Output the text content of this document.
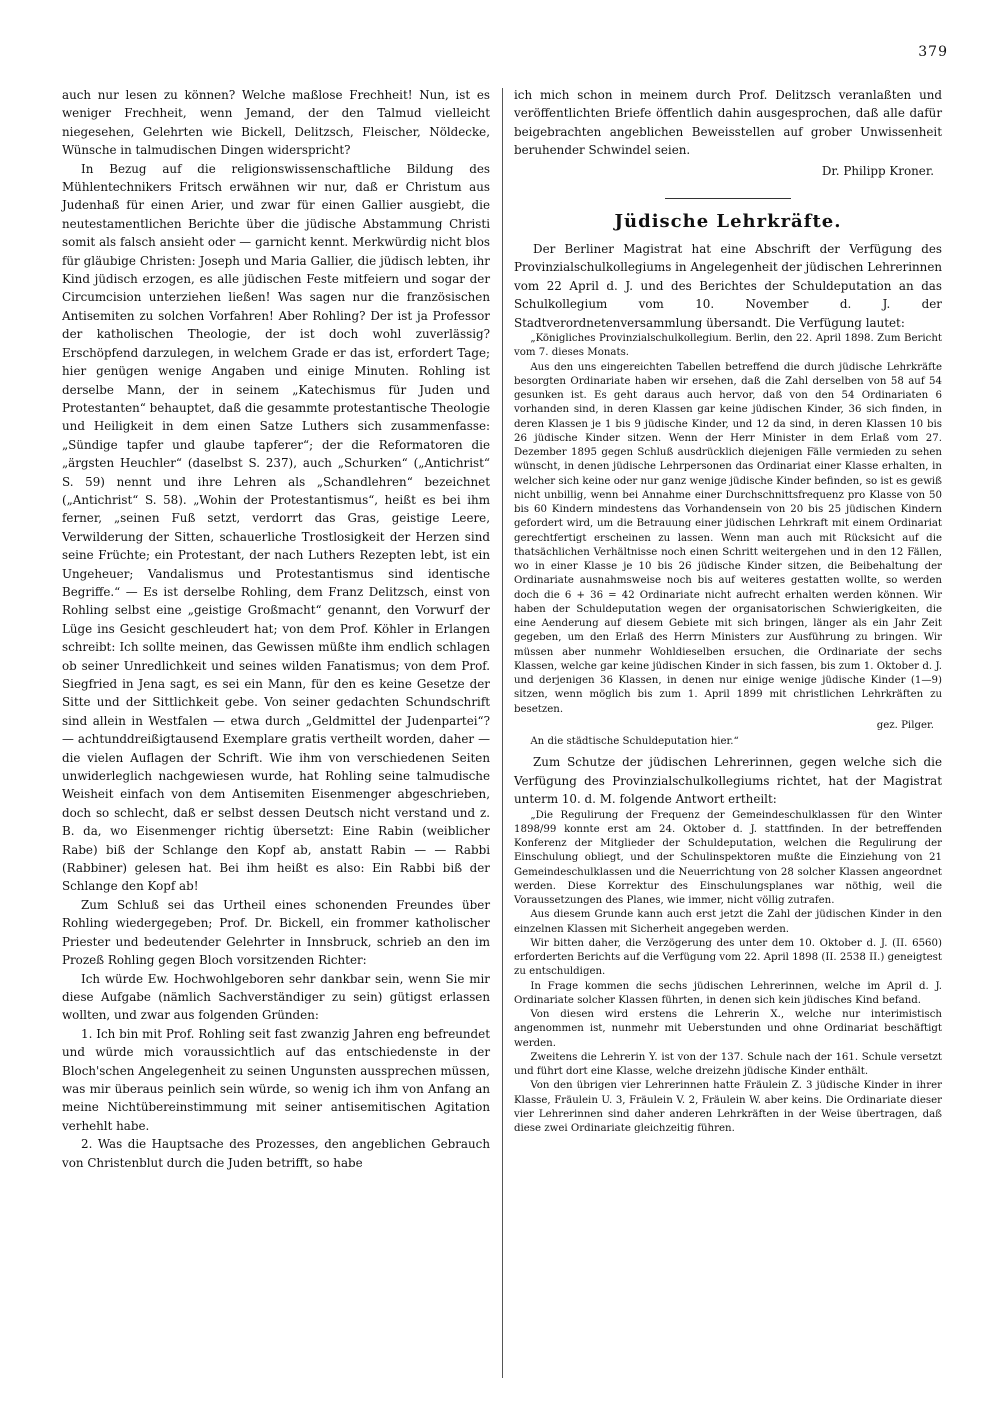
379

auch nur lesen zu können? Welche maßlose Frechheit! Nun, ist es weniger Frechheit, wenn Jemand, der den Talmud vielleicht niegesehen, Gelehrten wie Bickell, Delitzsch, Fleischer, Nöldecke, Wünsche in talmudischen Dingen widerspricht?

In Bezug auf die religionswissenschaftliche Bildung des Mühlentechnikers Fritsch erwähnen wir nur, daß er Christum aus Judenhaß für einen Arier, und zwar für einen Gallier ausgiebt, die neutestamentlichen Berichte über die jüdische Abstammung Christi somit als falsch ansieht oder — garnicht kennt. Merkwürdig nicht blos für gläubige Christen: Joseph und Maria Gallier, die jüdisch lebten, ihr Kind jüdisch erzogen, es alle jüdischen Feste mitfeiern und sogar der Circumcision unterziehen ließen! Was sagen nur die französischen Antisemiten zu solchen Vorfahren! Aber Rohling? Der ist ja Professor der katholischen Theologie, der ist doch wohl zuverlässig? Erschöpfend darzulegen, in welchem Grade er das ist, erfordert Tage; hier genügen wenige Angaben und einige Minuten. Rohling ist derselbe Mann, der in seinem „Katechismus für Juden und Protestanten“ behauptet, daß die gesammte protestantische Theologie und Heiligkeit in dem einen Satze Luthers sich zusammenfasse: „Sündige tapfer und glaube tapferer“; der die Reformatoren die „ärgsten Heuchler“ (daselbst S. 237), auch „Schurken“ („Antichrist“ S. 59) nennt und ihre Lehren als „Schandlehren“ bezeichnet („Antichrist“ S. 58). „Wohin der Protestantismus“, heißt es bei ihm ferner, „seinen Fuß setzt, verdorrt das Gras, geistige Leere, Verwilderung der Sitten, schauerliche Trostlosigkeit der Herzen sind seine Früchte; ein Protestant, der nach Luthers Rezepten lebt, ist ein Ungeheuer; Vandalismus und Protestantismus sind identische Begriffe.“ — Es ist derselbe Rohling, dem Franz Delitzsch, einst von Rohling selbst eine „geistige Großmacht“ genannt, den Vorwurf der Lüge ins Gesicht geschleudert hat; von dem Prof. Köhler in Erlangen schreibt: Ich sollte meinen, das Gewissen müßte ihm endlich schlagen ob seiner Unredlichkeit und seines wilden Fanatismus; von dem Prof. Siegfried in Jena sagt, es sei ein Mann, für den es keine Gesetze der Sitte und der Sittlichkeit gebe. Von seiner gedachten Schundschrift sind allein in Westfalen — etwa durch „Geldmittel der Judenpartei“? — achtunddreißigtausend Exemplare gratis vertheilt worden, daher — die vielen Auflagen der Schrift. Wie ihm von verschiedenen Seiten unwiderleglich nachgewiesen wurde, hat Rohling seine talmudische Weisheit einfach von dem Antisemiten Eisenmenger abgeschrieben, doch so schlecht, daß er selbst dessen Deutsch nicht verstand und z. B. da, wo Eisenmenger richtig übersetzt: Eine Rabin (weiblicher Rabe) biß der Schlange den Kopf ab, anstatt Rabin — — Rabbi (Rabbiner) gelesen hat. Bei ihm heißt es also: Ein Rabbi biß der Schlange den Kopf ab!

Zum Schluß sei das Urtheil eines schonenden Freundes über Rohling wiedergegeben; Prof. Dr. Bickell, ein frommer katholischer Priester und bedeutender Gelehrter in Innsbruck, schrieb an den im Prozeß Rohling gegen Bloch vorsitzenden Richter:

Ich würde Ew. Hochwohlgeboren sehr dankbar sein, wenn Sie mir diese Aufgabe (nämlich Sachverständiger zu sein) gütigst erlassen wollten, und zwar aus folgenden Gründen:

1. Ich bin mit Prof. Rohling seit fast zwanzig Jahren eng befreundet und würde mich voraussichtlich auf das entschiedenste in der Bloch'schen Angelegenheit zu seinen Ungunsten aussprechen müssen, was mir überaus peinlich sein würde, so wenig ich ihm von Anfang an meine Nichtübereinstimmung mit seiner antisemitischen Agitation verhehlt habe.

2. Was die Hauptsache des Prozesses, den angeblichen Gebrauch von Christenblut durch die Juden betrifft, so habe

ich mich schon in meinem durch Prof. Delitzsch veranlaßten und veröffentlichten Briefe öffentlich dahin ausgesprochen, daß alle dafür beigebrachten angeblichen Beweisstellen auf grober Unwissenheit beruhender Schwindel seien.

Dr. Philipp Kroner.

Jüdische Lehrkräfte.

Der Berliner Magistrat hat eine Abschrift der Verfügung des Provinzialschulkollegiums in Angelegenheit der jüdischen Lehrerinnen vom 22 April d. J. und des Berichtes der Schuldeputation an das Schulkollegium vom 10. November d. J. der Stadtverordnetenversammlung übersandt. Die Verfügung lautet:

„Königliches Provinzialschulkollegium. Berlin, den 22. April 1898. Zum Bericht vom 7. dieses Monats.

Aus den uns eingereichten Tabellen betreffend die durch jüdische Lehrkräfte besorgten Ordinariate haben wir ersehen, daß die Zahl derselben von 58 auf 54 gesunken ist. Es geht daraus auch hervor, daß von den 54 Ordinariaten 6 vorhanden sind, in deren Klassen gar keine jüdischen Kinder, 36 sich finden, in deren Klassen je 1 bis 9 jüdische Kinder, und 12 da sind, in deren Klassen 10 bis 26 jüdische Kinder sitzen. Wenn der Herr Minister in dem Erlaß vom 27. Dezember 1895 gegen Schluß ausdrücklich diejenigen Fälle vermieden zu sehen wünscht, in denen jüdische Lehrpersonen das Ordinariat einer Klasse erhalten, in welcher sich keine oder nur ganz wenige jüdische Kinder befinden, so ist es gewiß nicht unbillig, wenn bei Annahme einer Durchschnittsfrequenz pro Klasse von 50 bis 60 Kindern mindestens das Vorhandensein von 20 bis 25 jüdischen Kindern gefordert wird, um die Betrauung einer jüdischen Lehrkraft mit einem Ordinariat gerechtfertigt erscheinen zu lassen. Wenn man auch mit Rücksicht auf die thatsächlichen Verhältnisse noch einen Schritt weitergehen und in den 12 Fällen, wo in einer Klasse je 10 bis 26 jüdische Kinder sitzen, die Beibehaltung der Ordinariate ausnahmsweise noch bis auf weiteres gestatten wollte, so werden doch die 6 + 36 = 42 Ordinariate nicht aufrecht erhalten werden können. Wir haben der Schuldeputation wegen der organisatorischen Schwierigkeiten, die eine Aenderung auf diesem Gebiete mit sich bringen, länger als ein Jahr Zeit gegeben, um den Erlaß des Herrn Ministers zur Ausführung zu bringen. Wir müssen aber nunmehr Wohldieselben ersuchen, die Ordinariate der sechs Klassen, welche gar keine jüdischen Kinder in sich fassen, bis zum 1. Oktober d. J. und derjenigen 36 Klassen, in denen nur einige wenige jüdische Kinder (1—9) sitzen, wenn möglich bis zum 1. April 1899 mit christlichen Lehrkräften zu besetzen.

gez. Pilger.

An die städtische Schuldeputation hier.“

Zum Schutze der jüdischen Lehrerinnen, gegen welche sich die Verfügung des Provinzialschulkollegiums richtet, hat der Magistrat unterm 10. d. M. folgende Antwort ertheilt:

„Die Regulirung der Frequenz der Gemeindeschulklassen für den Winter 1898/99 konnte erst am 24. Oktober d. J. stattfinden. In der betreffenden Konferenz der Mitglieder der Schuldeputation, welchen die Regulirung der Einschulung obliegt, und der Schulinspektoren mußte die Einziehung von 21 Gemeindeschulklassen und die Neuerrichtung von 28 solcher Klassen angeordnet werden. Diese Korrektur des Einschulungsplanes war nöthig, weil die Voraussetzungen des Planes, wie immer, nicht völlig zutrafen.

Aus diesem Grunde kann auch erst jetzt die Zahl der jüdischen Kinder in den einzelnen Klassen mit Sicherheit angegeben werden.

Wir bitten daher, die Verzögerung des unter dem 10. Oktober d. J. (II. 6560) erforderten Berichts auf die Verfügung vom 22. April 1898 (II. 2538 II.) geneigtest zu entschuldigen.

In Frage kommen die sechs jüdischen Lehrerinnen, welche im April d. J. Ordinariate solcher Klassen führten, in denen sich kein jüdisches Kind befand.

Von diesen wird erstens die Lehrerin X., welche nur interimistisch angenommen ist, nunmehr mit Ueberstunden und ohne Ordinariat beschäftigt werden.

Zweitens die Lehrerin Y. ist von der 137. Schule nach der 161. Schule versetzt und führt dort eine Klasse, welche dreizehn jüdische Kinder enthält.

Von den übrigen vier Lehrerinnen hatte Fräulein Z. 3 jüdische Kinder in ihrer Klasse, Fräulein U. 3, Fräulein V. 2, Fräulein W. aber keins. Die Ordinariate dieser vier Lehrerinnen sind daher anderen Lehrkräften in der Weise übertragen, daß diese zwei Ordinariate gleichzeitig führen.
